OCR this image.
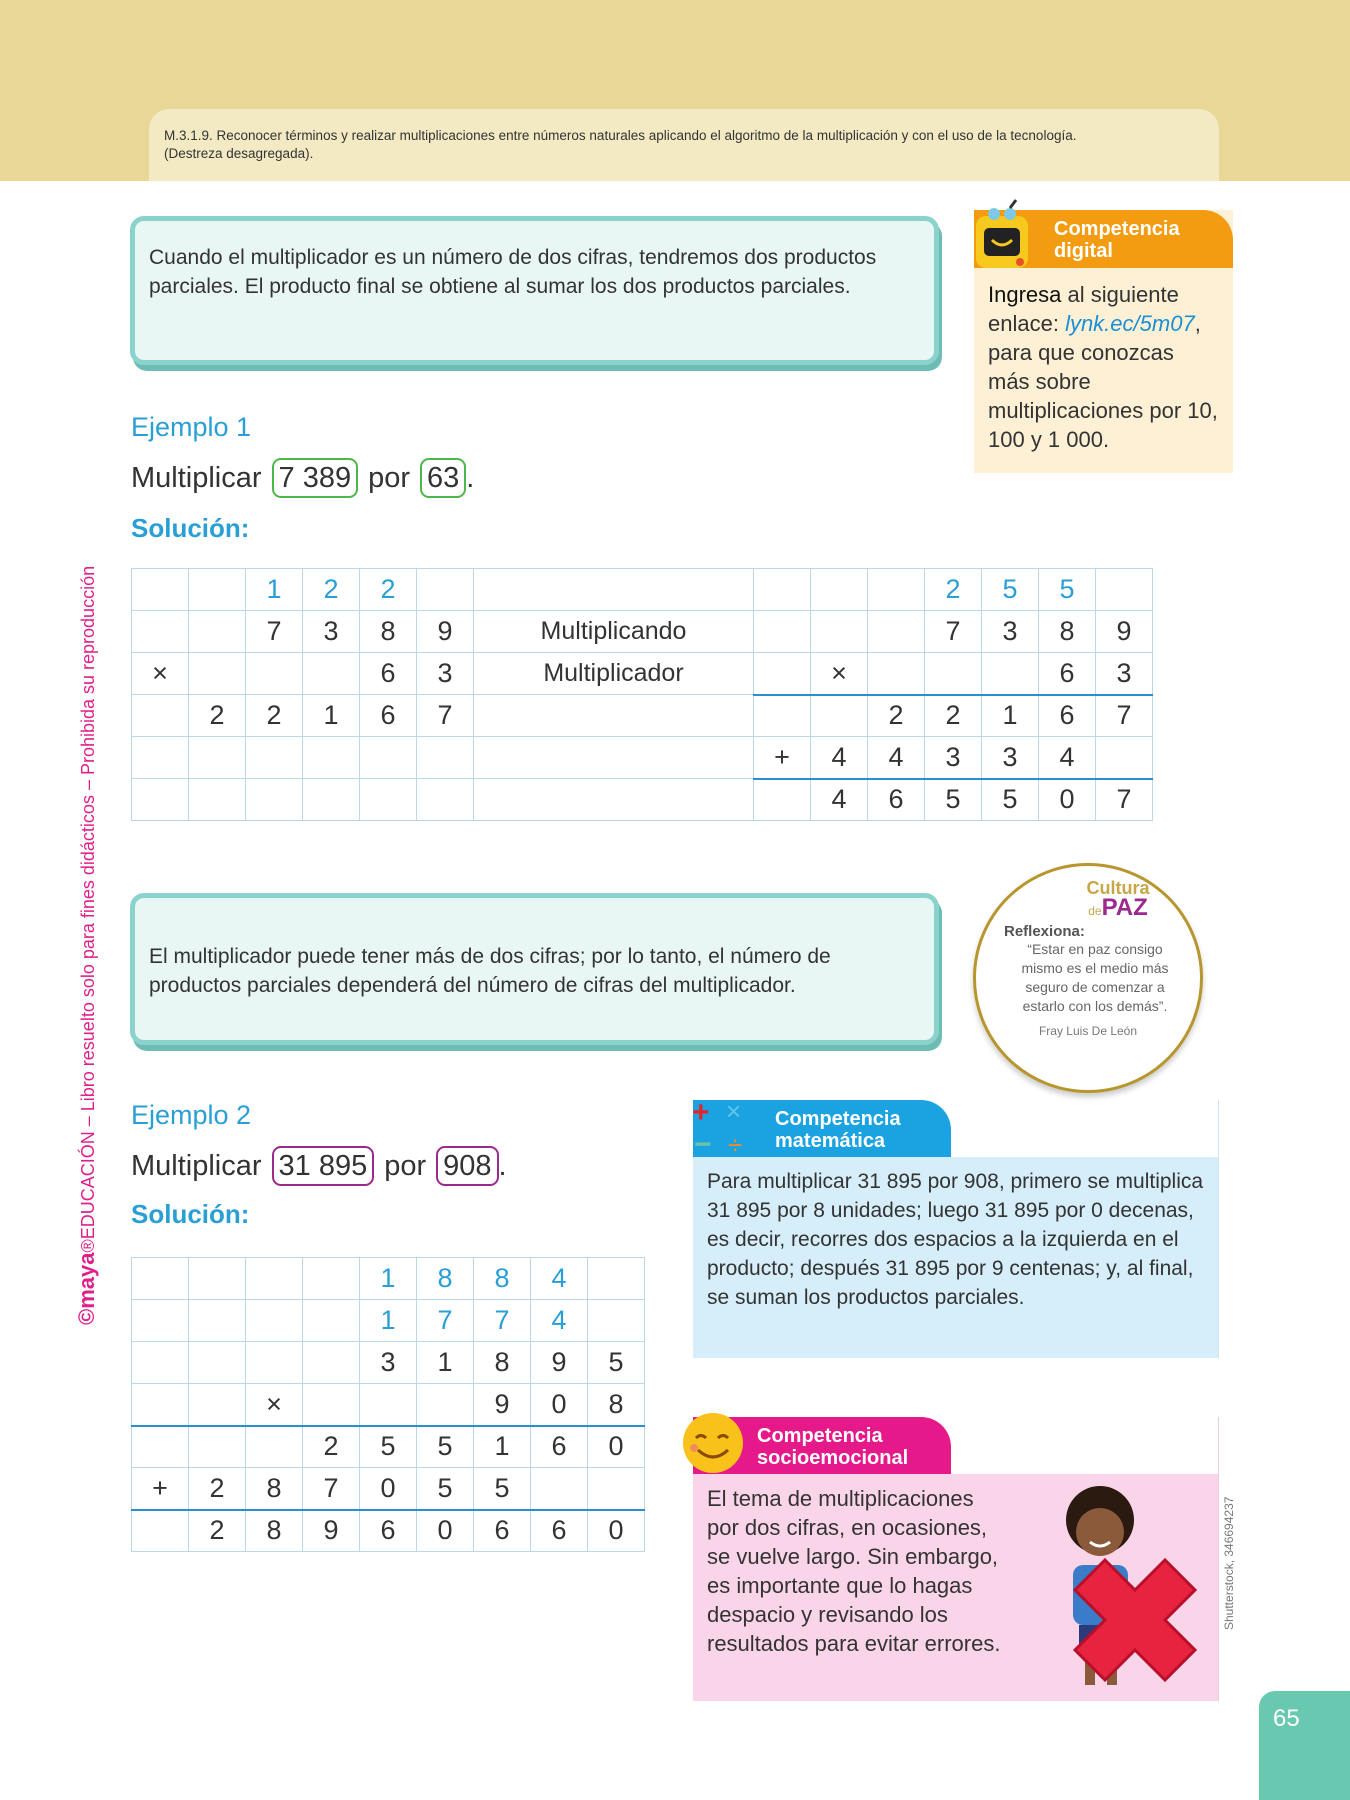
M.3.1.9. Reconocer términos y realizar multiplicaciones entre números naturales aplicando el algoritmo de la multiplicación y con el uso de la tecnología.
(Destreza desagregada).
©maya®EDUCACIÓN – Libro resuelto solo para fines didácticos – Prohibida su reproducción
Cuando el multiplicador es un número de dos cifras, tendremos dos productos parciales. El producto final se obtiene al sumar los dos productos parciales.
Competencia
digital
Ingresa al siguiente enlace: lynk.ec/5m07, para que conozcas más sobre multiplicaciones por 10, 100 y 1 000.
Ejemplo 1
Multiplicar 7 389 por 63 .
Solución:
		1	2	2						2	5	5	
		7	3	8	9	Multiplicando				7	3	8	9
×				6	3	Multiplicador		×				6	3
	2	2	1	6	7				2	2	1	6	7
							+	4	4	3	3	4	
								4	6	5	5	0	7
El multiplicador puede tener más de dos cifras; por lo tanto, el número de productos parciales dependerá del número de cifras del multiplicador.
Cultura
dePAZ
Reflexiona:
“Estar en paz consigo mismo es el medio más seguro de comenzar a estarlo con los demás”.
Fray Luis De León
Ejemplo 2
Multiplicar 31 895 por 908 .
Solución:
				1	8	8	4	
				1	7	7	4	
				3	1	8	9	5
		×				9	0	8
			2	5	5	1	6	0
+	2	8	7	0	5	5		
	2	8	9	6	0	6	6	0
Competencia
matemática
Para multiplicar 31 895 por 908, primero se multiplica 31 895 por 8 unidades; luego 31 895 por 0 decenas, es decir, recorres dos espacios a la izquierda en el producto; después 31 895 por 9 centenas; y, al final, se suman los productos parciales.
+ ×
− ÷
Competencia
socioemocional
El tema de multiplicaciones por dos cifras, en ocasiones, se vuelve largo. Sin embargo, es importante que lo hagas despacio y revisando los resultados para evitar errores.
Shutterstock, 346694237
65
